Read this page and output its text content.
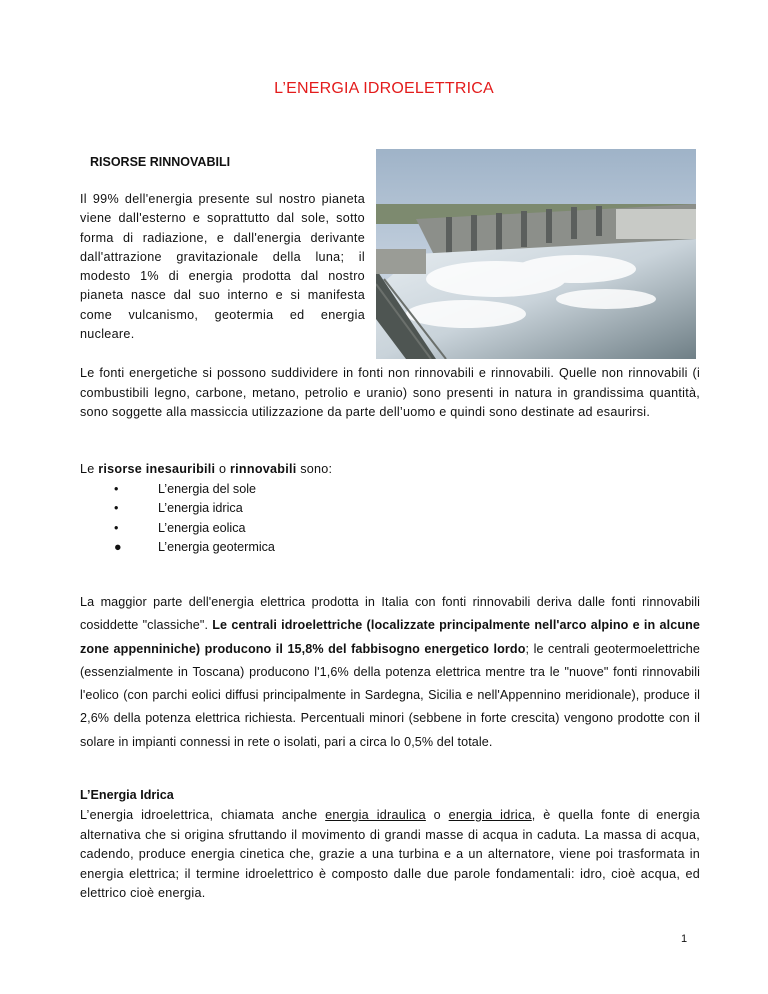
L’ENERGIA IDROELETTRICA
RISORSE RINNOVABILI
Il 99% dell'energia presente sul nostro pianeta viene dall'esterno e soprattutto dal sole, sotto forma di radiazione, e dall'energia derivante dall'attrazione gravitazionale della luna; il modesto 1% di energia prodotta dal nostro pianeta nasce dal suo interno e si manifesta come vulcanismo, geotermia ed energia nucleare.
Le fonti energetiche si possono suddividere in fonti non rinnovabili e rinnovabili. Quelle non rinnovabili (i combustibili legno, carbone, metano, petrolio e uranio) sono presenti in natura in grandissima quantità, sono soggette alla massiccia utilizzazione da parte dell’uomo e quindi sono destinate ad esaurirsi.
Le risorse inesauribili o rinnovabili sono:
•	L’energia del sole
•	L’energia idrica
•	L’energia eolica
●	L’energia geotermica
La maggior parte dell'energia elettrica prodotta in Italia con fonti rinnovabili deriva dalle fonti rinnovabili cosiddette "classiche". Le centrali idroelettriche (localizzate principalmente nell'arco alpino e in alcune zone appenniniche) producono il 15,8% del fabbisogno energetico lordo; le centrali geotermoelettriche (essenzialmente in Toscana) producono l'1,6% della potenza elettrica mentre tra le "nuove" fonti rinnovabili l'eolico (con parchi eolici diffusi principalmente in Sardegna, Sicilia e nell'Appennino meridionale), produce il 2,6% della potenza elettrica richiesta. Percentuali minori (sebbene in forte crescita) vengono prodotte con il solare in impianti connessi in rete o isolati, pari a circa lo 0,5% del totale.
L’Energia Idrica
L’energia idroelettrica, chiamata anche energia idraulica o energia idrica, è quella fonte di energia alternativa che si origina sfruttando il movimento di grandi masse di acqua in caduta. La massa di acqua, cadendo, produce energia cinetica che, grazie a una turbina e a un alternatore, viene poi trasformata in energia elettrica; il termine idroelettrico è composto dalle due parole fondamentali: idro, cioè acqua, ed elettrico cioè energia.
1
